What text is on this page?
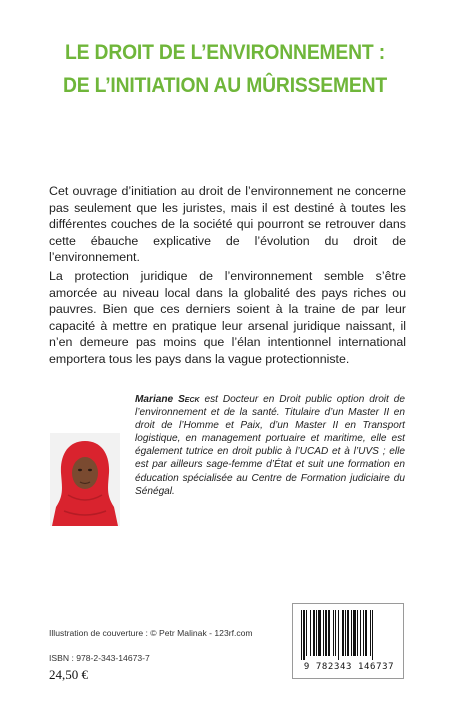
LE DROIT DE L’ENVIRONNEMENT :
DE L’INITIATION AU MÛRISSEMENT

Cet ouvrage d’initiation au droit de l’environnement ne concerne pas seulement que les juristes, mais il est destiné à toutes les différentes couches de la société qui pourront se retrouver dans cette ébauche explicative de l’évolution du droit de l’environnement.

La protection juridique de l’environnement semble s’être amorcée au niveau local dans la globalité des pays riches ou pauvres. Bien que ces derniers soient à la traine de par leur capacité à mettre en pratique leur arsenal juridique naissant, il n’en demeure pas moins que l’élan intentionnel international emportera tous les pays dans la vague protectionniste.

Mariane Seck est Docteur en Droit public option droit de l’environnement et de la santé. Titulaire d’un Master II en droit de l’Homme et Paix, d’un Master II en Transport logistique, en management portuaire et maritime, elle est également tutrice en droit public à l’UCAD et à l’UVS ; elle est par ailleurs sage-femme d’État et suit une formation en éducation spécialisée au Centre de Formation judiciaire du Sénégal.
Illustration de couverture : © Petr Malinak - 123rf.com
ISBN : 978-2-343-14673-7
24,50 €	9 782343 146737
